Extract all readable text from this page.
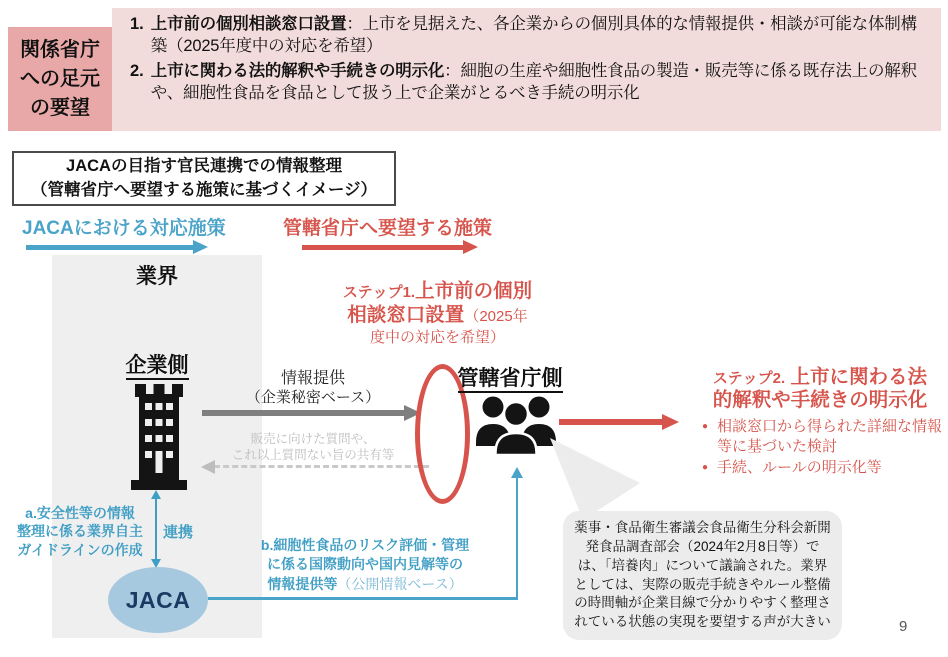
関係省庁
への足元
の要望
1. 上市前の個別相談窓口設置：上市を見据えた、各企業からの個別具体的な情報提供・相談が可能な体制構築（2025年度中の対応を希望）
2. 上市に関わる法的解釈や手続きの明示化：細胞の生産や細胞性食品の製造・販売等に係る既存法上の解釈や、細胞性食品を食品として扱う上で企業がとるべき手続の明示化
JACAの目指す官民連携での情報整理
（管轄省庁へ要望する施策に基づくイメージ）
JACAにおける対応施策	管轄省庁へ要望する施策
業界
企業側
情報提供
（企業秘密ベース）
販売に向けた質問や、
これ以上質問ない旨の共有等
ステップ1.上市前の個別
相談窓口設置（2025年
度中の対応を希望）
管轄省庁側	ステップ2. 上市に関わる法
的解釈や手続きの明示化
● 相談窓口から得られた詳細な情報等に基づいた検討
● 手続、ルールの明示化等
a.安全性等の情報
整理に係る業界自主
ガイドラインの作成
連携
JACA
b.細胞性食品のリスク評価・管理
に係る国際動向や国内見解等の
情報提供等（公開情報ベース）
薬事・食品衛生審議会食品衛生分科会新開発食品調査部会（2024年2月8日等）では、「培養肉」について議論された。業界としては、実際の販売手続きやルール整備の時間軸が企業目線で分かりやすく整理されている状態の実現を要望する声が大きい	9
